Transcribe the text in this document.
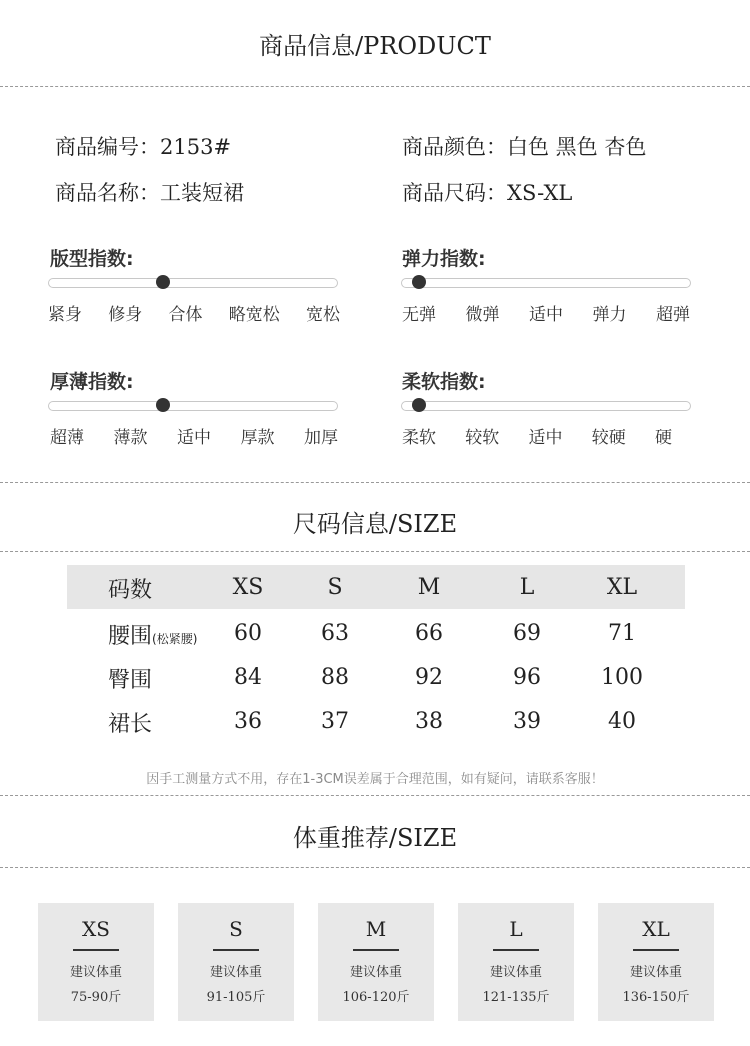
商品信息/PRODUCT
商品编号：2153#	商品颜色：白色 黑色 杏色
商品名称：工装短裙	商品尺码：XS-XL
版型指数:
紧身 修身 合体 略宽松 宽松
弹力指数:
无弹 微弹 适中 弹力 超弹
厚薄指数:
超薄 薄款 适中 厚款 加厚
柔软指数:
柔软 较软 适中 较硬 硬
尺码信息/SIZE
码数	XS	S	M	L	XL
腰围(松紧腰)	60	63	66	69	71
臀围	84	88	92	96	100
裙长	36	37	38	39	40
因手工测量方式不用，存在1-3CM误差属于合理范围，如有疑问，请联系客服！
体重推荐/SIZE
XS
建议体重
75-90斤
S
建议体重
91-105斤
M
建议体重
106-120斤
L
建议体重
121-135斤
XL
建议体重
136-150斤
